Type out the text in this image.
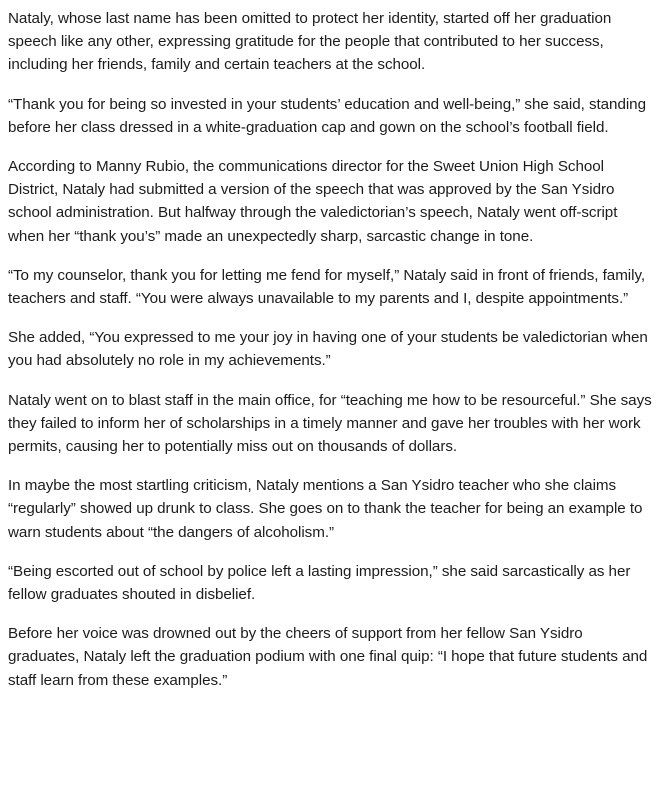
Nataly, whose last name has been omitted to protect her identity, started off her graduation speech like any other, expressing gratitude for the people that contributed to her success, including her friends, family and certain teachers at the school.

“Thank you for being so invested in your students’ education and well-being,” she said, standing before her class dressed in a white-graduation cap and gown on the school’s football field.

According to Manny Rubio, the communications director for the Sweet Union High School District, Nataly had submitted a version of the speech that was approved by the San Ysidro school administration. But halfway through the valedictorian’s speech, Nataly went off-script when her “thank you’s” made an unexpectedly sharp, sarcastic change in tone.

“To my counselor, thank you for letting me fend for myself,” Nataly said in front of friends, family, teachers and staff. “You were always unavailable to my parents and I, despite appointments.”

She added, “You expressed to me your joy in having one of your students be valedictorian when you had absolutely no role in my achievements.”

Nataly went on to blast staff in the main office, for “teaching me how to be resourceful.” She says they failed to inform her of scholarships in a timely manner and gave her troubles with her work permits, causing her to potentially miss out on thousands of dollars.

In maybe the most startling criticism, Nataly mentions a San Ysidro teacher who she claims “regularly” showed up drunk to class. She goes on to thank the teacher for being an example to warn students about “the dangers of alcoholism.”

“Being escorted out of school by police left a lasting impression,” she said sarcastically as her fellow graduates shouted in disbelief.

Before her voice was drowned out by the cheers of support from her fellow San Ysidro graduates, Nataly left the graduation podium with one final quip: “I hope that future students and staff learn from these examples.”
